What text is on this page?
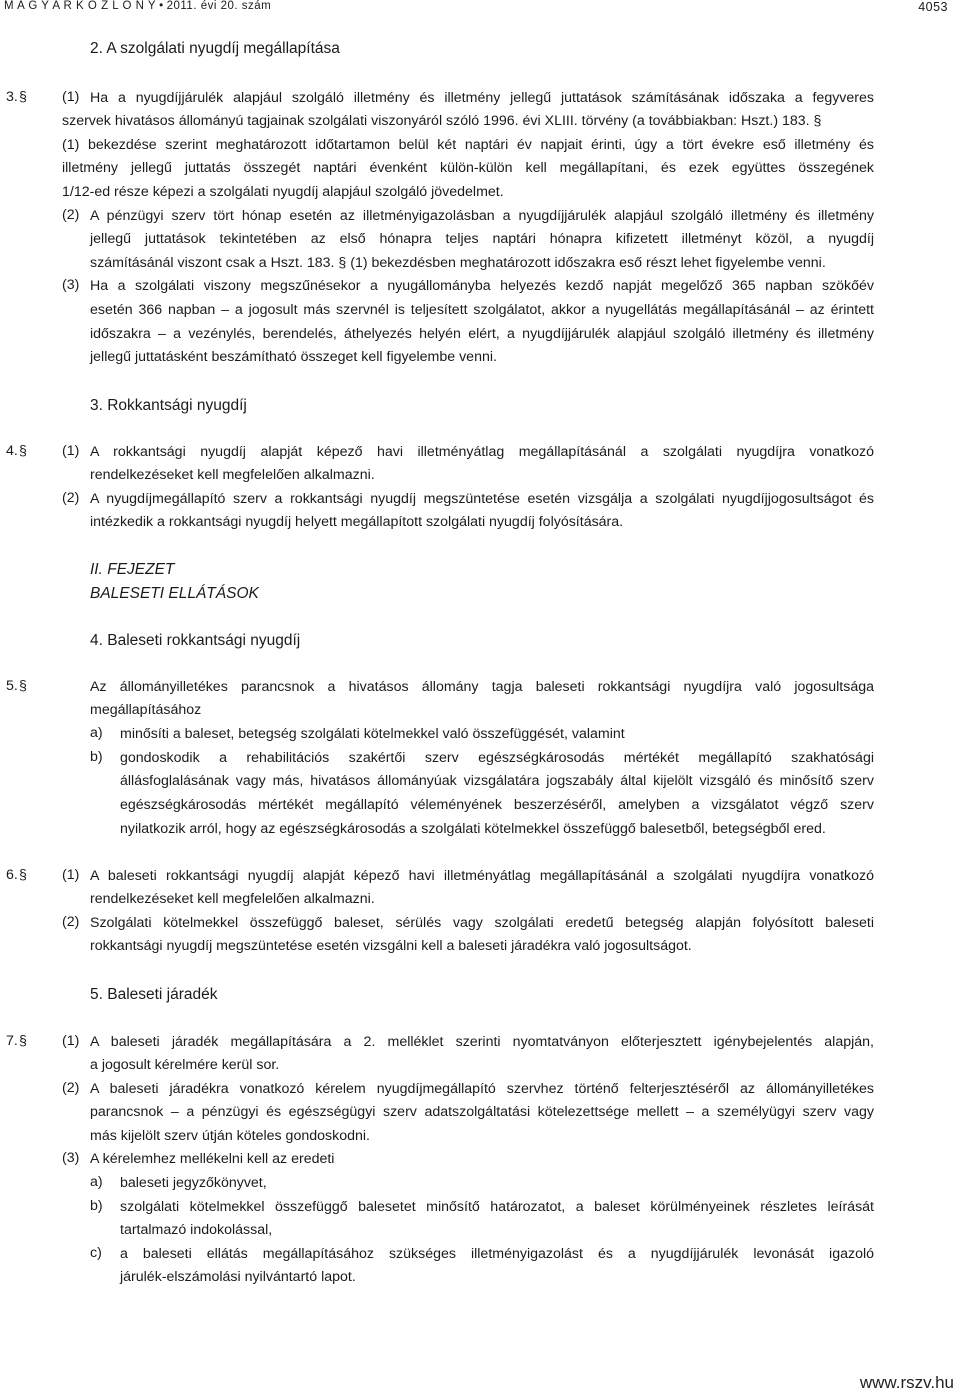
M A G Y A R K Ö Z L Ö N Y • 2011. évi 20. szám	4053
2. A szolgálati nyugdíj megállapítása
3. §	(1) Ha a nyugdíjjárulék alapjául szolgáló illetmény és illetmény jellegű juttatások számításának időszaka a fegyveres
szervek hivatásos állományú tagjainak szolgálati viszonyáról szóló 1996. évi XLIII. törvény (a továbbiakban: Hszt.) 183. §
(1) bekezdése szerint meghatározott időtartamon belül két naptári év napjait érinti, úgy a tört évekre eső illetmény és
illetmény jellegű juttatás összegét naptári évenként külön-külön kell megállapítani, és ezek együttes összegének
1/12-ed része képezi a szolgálati nyugdíj alapjául szolgáló jövedelmet.
(2) A pénzügyi szerv tört hónap esetén az illetményigazolásban a nyugdíjjárulék alapjául szolgáló illetmény és illetmény
jellegű juttatások tekintetében az első hónapra teljes naptári hónapra kifizetett illetményt közöl, a nyugdíj
számításánál viszont csak a Hszt. 183. § (1) bekezdésben meghatározott időszakra eső részt lehet figyelembe venni.
(3) Ha a szolgálati viszony megszűnésekor a nyugállományba helyezés kezdő napját megelőző 365 napban szökőév
esetén 366 napban – a jogosult más szervnél is teljesített szolgálatot, akkor a nyugellátás megállapításánál – az érintett
időszakra – a vezénylés, berendelés, áthelyezés helyén elért, a nyugdíjjárulék alapjául szolgáló illetmény és illetmény
jellegű juttatásként beszámítható összeget kell figyelembe venni.
3. Rokkantsági nyugdíj
4. §	(1) A rokkantsági nyugdíj alapját képező havi illetményátlag megállapításánál a szolgálati nyugdíjra vonatkozó
rendelkezéseket kell megfelelően alkalmazni.
(2) A nyugdíjmegállapító szerv a rokkantsági nyugdíj megszüntetése esetén vizsgálja a szolgálati nyugdíjjogosultságot és
intézkedik a rokkantsági nyugdíj helyett megállapított szolgálati nyugdíj folyósítására.
II. FEJEZET
BALESETI ELLÁTÁSOK
4. Baleseti rokkantsági nyugdíj
5. §	Az állományilletékes parancsnok a hivatásos állomány tagja baleseti rokkantsági nyugdíjra való jogosultsága
megállapításához
a)	minősíti a baleset, betegség szolgálati kötelmekkel való összefüggését, valamint
b)	gondoskodik a rehabilitációs szakértői szerv egészségkárosodás mértékét megállapító szakhatósági
állásfoglalásának vagy más, hivatásos állományúak vizsgálatára jogszabály által kijelölt vizsgáló és minősítő szerv
egészségkárosodás mértékét megállapító véleményének beszerzéséről, amelyben a vizsgálatot végző szerv
nyilatkozik arról, hogy az egészségkárosodás a szolgálati kötelmekkel összefüggő balesetből, betegségből ered.
6. §	(1) A baleseti rokkantsági nyugdíj alapját képező havi illetményátlag megállapításánál a szolgálati nyugdíjra vonatkozó
rendelkezéseket kell megfelelően alkalmazni.
(2) Szolgálati kötelmekkel összefüggő baleset, sérülés vagy szolgálati eredetű betegség alapján folyósított baleseti
rokkantsági nyugdíj megszüntetése esetén vizsgálni kell a baleseti járadékra való jogosultságot.
5. Baleseti járadék
7. §	(1) A baleseti járadék megállapítására a 2. melléklet szerinti nyomtatványon előterjesztett igénybejelentés alapján,
a jogosult kérelmére kerül sor.
(2) A baleseti járadékra vonatkozó kérelem nyugdíjmegállapító szervhez történő felterjesztéséről az állományilletékes
parancsnok – a pénzügyi és egészségügyi szerv adatszolgáltatási kötelezettsége mellett – a személyügyi szerv vagy
más kijelölt szerv útján köteles gondoskodni.
(3) A kérelemhez mellékelni kell az eredeti
a)	baleseti jegyzőkönyvet,
b)	szolgálati kötelmekkel összefüggő balesetet minősítő határozatot, a baleset körülményeinek részletes leírását
tartalmazó indokolással,
c)	a baleseti ellátás megállapításához szükséges illetményigazolást és a nyugdíjjárulék levonását igazoló
járulék-elszámolási nyilvántartó lapot.
www.rszv.hu
